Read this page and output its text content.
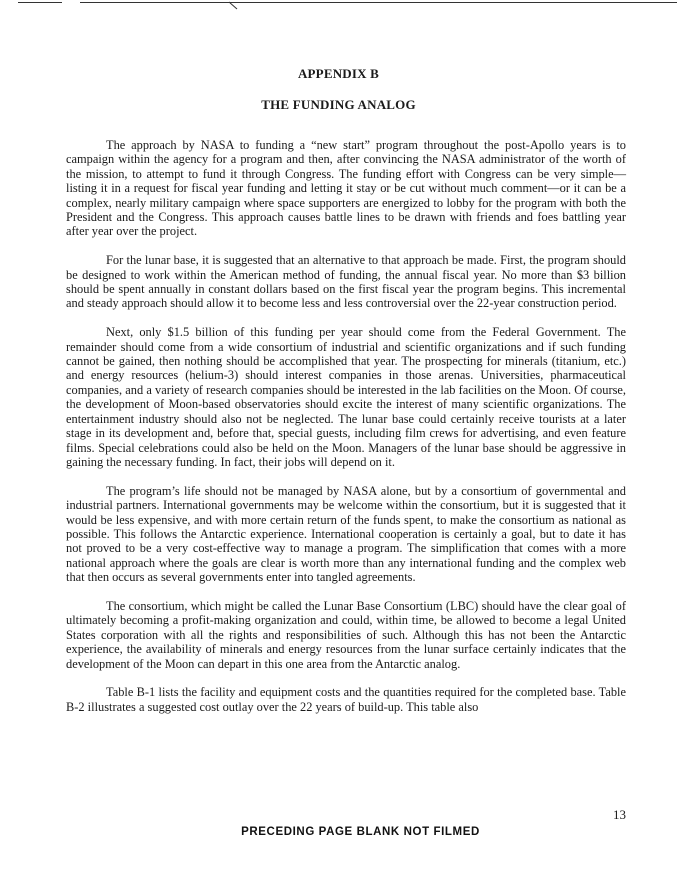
APPENDIX B
THE FUNDING ANALOG

The approach by NASA to funding a “new start” program throughout the post-Apollo years is to campaign within the agency for a program and then, after convincing the NASA administrator of the worth of the mission, to attempt to fund it through Congress. The funding effort with Congress can be very simple—listing it in a request for fiscal year funding and letting it stay or be cut without much comment—or it can be a complex, nearly military campaign where space supporters are energized to lobby for the program with both the President and the Congress. This approach causes battle lines to be drawn with friends and foes battling year after year over the project.

For the lunar base, it is suggested that an alternative to that approach be made. First, the program should be designed to work within the American method of funding, the annual fiscal year. No more than $3 billion should be spent annually in constant dollars based on the first fiscal year the program begins. This incremental and steady approach should allow it to become less and less controversial over the 22-year construction period.

Next, only $1.5 billion of this funding per year should come from the Federal Government. The remainder should come from a wide consortium of industrial and scientific organizations and if such funding cannot be gained, then nothing should be accomplished that year. The prospecting for minerals (titanium, etc.) and energy resources (helium-3) should interest companies in those arenas. Universities, pharmaceutical companies, and a variety of research companies should be interested in the lab facilities on the Moon. Of course, the development of Moon-based observatories should excite the interest of many scientific organizations. The entertainment industry should also not be neglected. The lunar base could certainly receive tourists at a later stage in its development and, before that, special guests, including film crews for advertising, and even feature films. Special celebrations could also be held on the Moon. Managers of the lunar base should be aggressive in gaining the necessary funding. In fact, their jobs will depend on it.

The program’s life should not be managed by NASA alone, but by a consortium of governmental and industrial partners. International governments may be welcome within the consortium, but it is suggested that it would be less expensive, and with more certain return of the funds spent, to make the consortium as national as possible. This follows the Antarctic experience. International cooperation is certainly a goal, but to date it has not proved to be a very cost-effective way to manage a program. The simplification that comes with a more national approach where the goals are clear is worth more than any international funding and the complex web that then occurs as several governments enter into tangled agreements.

The consortium, which might be called the Lunar Base Consortium (LBC) should have the clear goal of ultimately becoming a profit-making organization and could, within time, be allowed to become a legal United States corporation with all the rights and responsibilities of such. Although this has not been the Antarctic experience, the availability of minerals and energy resources from the lunar surface certainly indicates that the development of the Moon can depart in this one area from the Antarctic analog.

Table B-1 lists the facility and equipment costs and the quantities required for the completed base. Table B-2 illustrates a suggested cost outlay over the 22 years of build-up. This table also

13
PRECEDING PAGE BLANK NOT FILMED
